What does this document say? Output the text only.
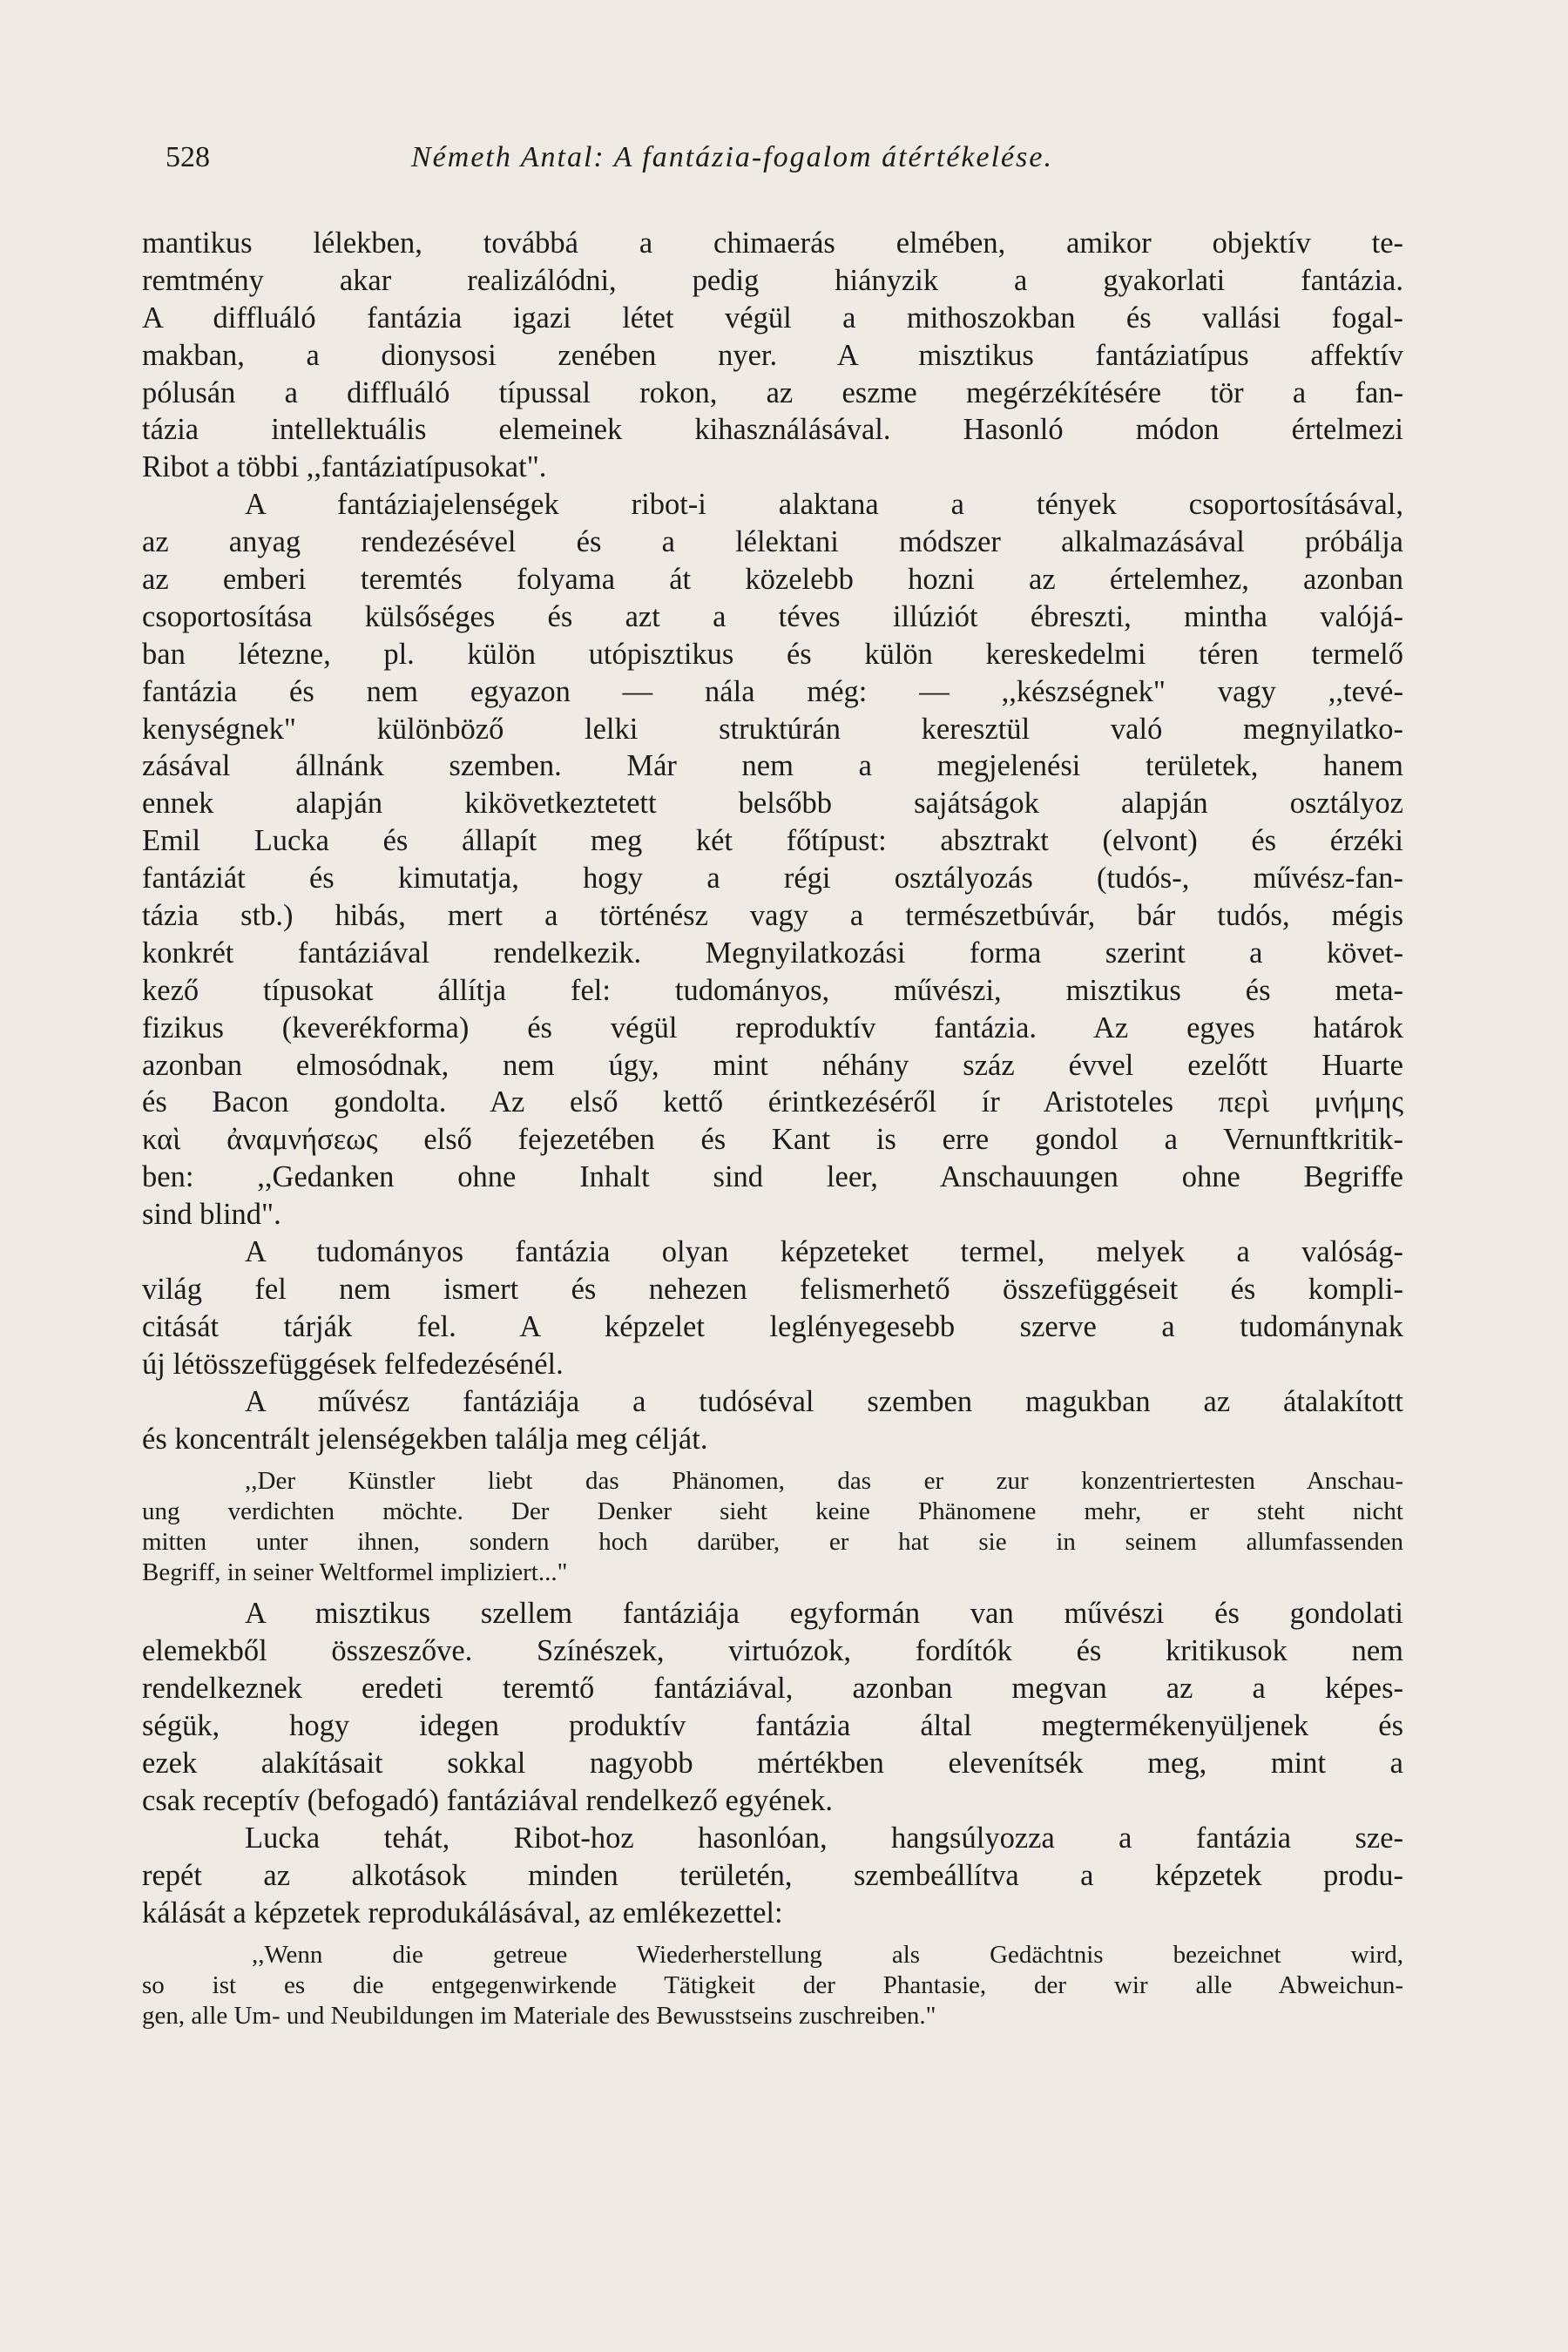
528	Németh Antal: A fantázia-fogalom átértékelése.
mantikus lélekben, továbbá a chimaerás elmében, amikor objektív te-
remtmény akar realizálódni, pedig hiányzik a gyakorlati fantázia.
A diffluáló fantázia igazi létet végül a mithoszokban és vallási fogal-
makban, a dionysosi zenében nyer. A misztikus fantáziatípus affektív
pólusán a diffluáló típussal rokon, az eszme megérzékítésére tör a fan-
tázia intellektuális elemeinek kihasználásával. Hasonló módon értelmezi
Ribot a többi ,,fantáziatípusokat".
A fantáziajelenségek ribot-i alaktana a tények csoportosításával,
az anyag rendezésével és a lélektani módszer alkalmazásával próbálja
az emberi teremtés folyama át közelebb hozni az értelemhez, azonban
csoportosítása külsőséges és azt a téves illúziót ébreszti, mintha valójá-
ban létezne, pl. külön utópisztikus és külön kereskedelmi téren termelő
fantázia és nem egyazon — nála még: — ,,készségnek" vagy ,,tevé-
kenységnek" különböző lelki struktúrán keresztül való megnyilatko-
zásával állnánk szemben. Már nem a megjelenési területek, hanem
ennek alapján kikövetkeztetett belsőbb sajátságok alapján osztályoz
Emil Lucka és állapít meg két főtípust: absztrakt (elvont) és érzéki
fantáziát és kimutatja, hogy a régi osztályozás (tudós-, művész-fan-
tázia stb.) hibás, mert a történész vagy a természetbúvár, bár tudós, mégis
konkrét fantáziával rendelkezik. Megnyilatkozási forma szerint a követ-
kező típusokat állítja fel: tudományos, művészi, misztikus és meta-
fizikus (keverékforma) és végül reproduktív fantázia. Az egyes határok
azonban elmosódnak, nem úgy, mint néhány száz évvel ezelőtt Huarte
és Bacon gondolta. Az első kettő érintkezéséről ír Aristoteles περὶ μνήμης
καὶ ἀναμνήσεως első fejezetében és Kant is erre gondol a Vernunftkritik-
ben: ,,Gedanken ohne Inhalt sind leer, Anschauungen ohne Begriffe
sind blind".
A tudományos fantázia olyan képzeteket termel, melyek a valóság-
világ fel nem ismert és nehezen felismerhető összefüggéseit és kompli-
citását tárják fel. A képzelet leglényegesebb szerve a tudománynak
új létösszefüggések felfedezésénél.
A művész fantáziája a tudóséval szemben magukban az átalakított
és koncentrált jelenségekben találja meg célját.
,,Der Künstler liebt das Phänomen, das er zur konzentriertesten Anschau-
ung verdichten möchte. Der Denker sieht keine Phänomene mehr, er steht nicht
mitten unter ihnen, sondern hoch darüber, er hat sie in seinem allumfassenden
Begriff, in seiner Weltformel impliziert..."
A misztikus szellem fantáziája egyformán van művészi és gondolati
elemekből összeszőve. Színészek, virtuózok, fordítók és kritikusok nem
rendelkeznek eredeti teremtő fantáziával, azonban megvan az a képes-
ségük, hogy idegen produktív fantázia által megtermékenyüljenek és
ezek alakításait sokkal nagyobb mértékben elevenítsék meg, mint a
csak receptív (befogadó) fantáziával rendelkező egyének.
Lucka tehát, Ribot-hoz hasonlóan, hangsúlyozza a fantázia sze-
repét az alkotások minden területén, szembeállítva a képzetek produ-
kálását a képzetek reprodukálásával, az emlékezettel:
,,Wenn die getreue Wiederherstellung als Gedächtnis bezeichnet wird,
so ist es die entgegenwirkende Tätigkeit der Phantasie, der wir alle Abweichun-
gen, alle Um- und Neubildungen im Materiale des Bewusstseins zuschreiben."
